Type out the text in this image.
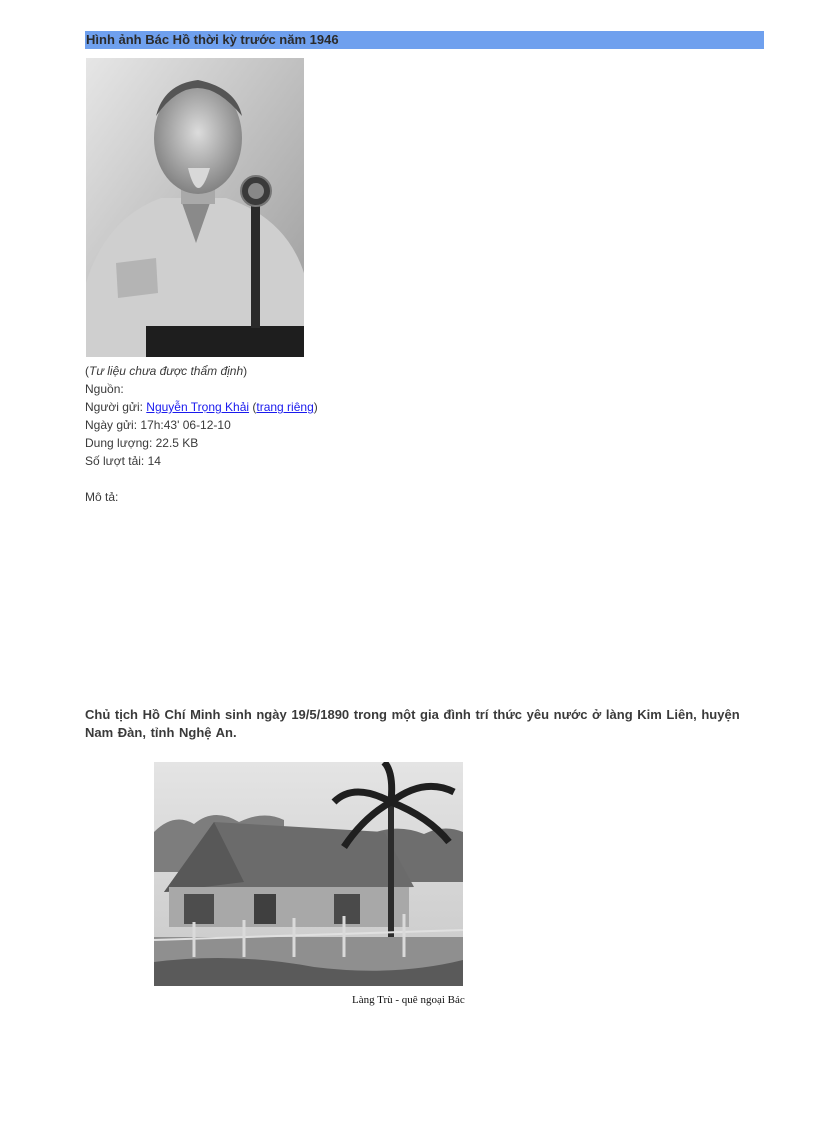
Hình ảnh Bác Hồ thời kỳ trước năm 1946
(Tư liệu chưa được thẩm định)
Nguồn:
Người gửi: Nguyễn Trọng Khải (trang riêng)
Ngày gửi: 17h:43' 06-12-10
Dung lượng: 22.5 KB
Số lượt tải: 14
Mô tả:
Chủ tịch Hồ Chí Minh sinh ngày 19/5/1890 trong một gia đình trí thức yêu nước ở làng Kim Liên, huyện Nam Đàn, tỉnh Nghệ An.
Làng Trù - quê ngoại Bác
